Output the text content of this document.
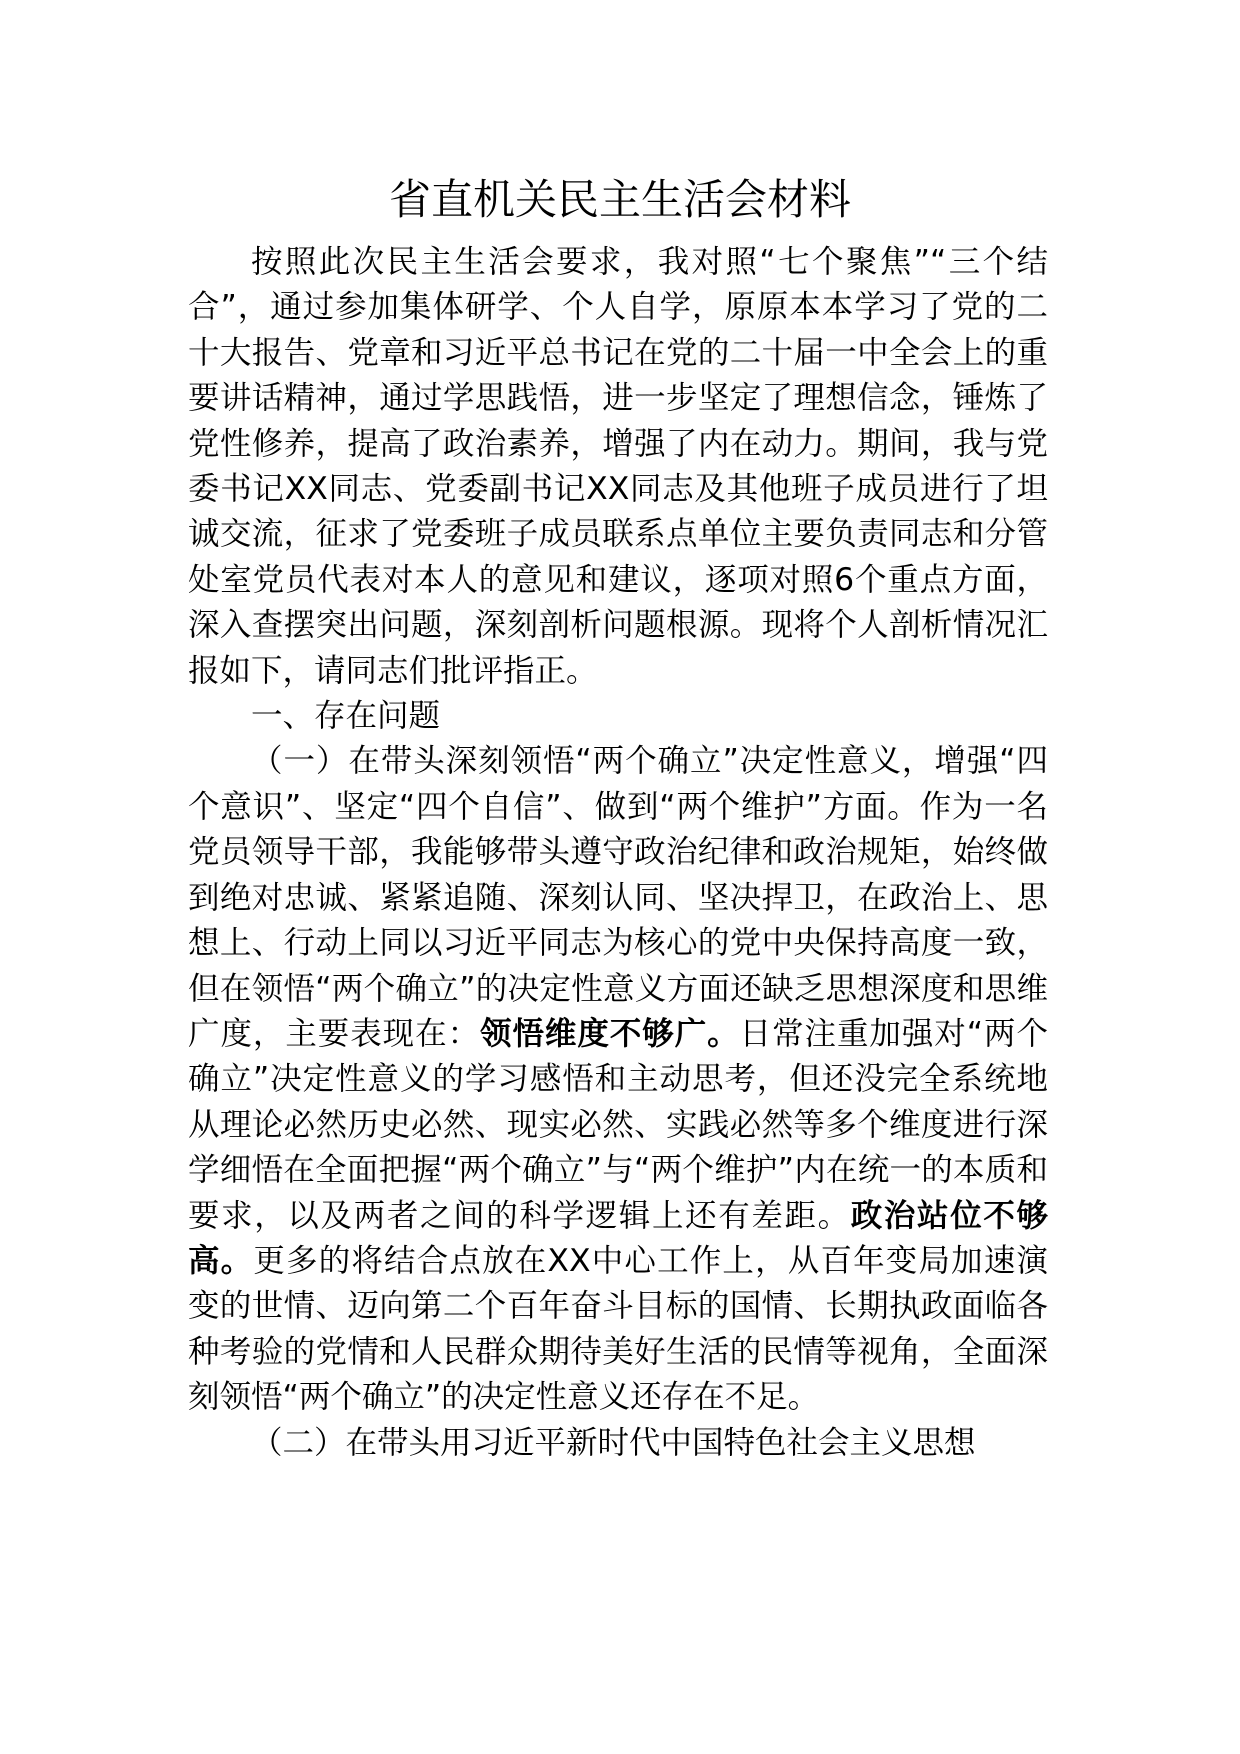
省直机关民主生活会材料

按照此次民主生活会要求，我对照“七个聚焦”“三个结合”，通过参加集体研学、个人自学，原原本本学习了党的二十大报告、党章和习近平总书记在党的二十届一中全会上的重要讲话精神，通过学思践悟，进一步坚定了理想信念，锤炼了党性修养，提高了政治素养，增强了内在动力。期间，我与党委书记XX同志、党委副书记XX同志及其他班子成员进行了坦诚交流，征求了党委班子成员联系点单位主要负责同志和分管处室党员代表对本人的意见和建议，逐项对照6个重点方面，深入查摆突出问题，深刻剖析问题根源。现将个人剖析情况汇报如下，请同志们批评指正。

一、存在问题

（一）在带头深刻领悟“两个确立”决定性意义，增强“四个意识”、坚定“四个自信”、做到“两个维护”方面。作为一名党员领导干部，我能够带头遵守政治纪律和政治规矩，始终做到绝对忠诚、紧紧追随、深刻认同、坚决捍卫，在政治上、思想上、行动上同以习近平同志为核心的党中央保持高度一致，但在领悟“两个确立”的决定性意义方面还缺乏思想深度和思维广度，主要表现在：领悟维度不够广。日常注重加强对“两个确立”决定性意义的学习感悟和主动思考，但还没完全系统地从理论必然历史必然、现实必然、实践必然等多个维度进行深学细悟在全面把握“两个确立”与“两个维护”内在统一的本质和要求，以及两者之间的科学逻辑上还有差距。政治站位不够高。更多的将结合点放在XX中心工作上，从百年变局加速演变的世情、迈向第二个百年奋斗目标的国情、长期执政面临各种考验的党情和人民群众期待美好生活的民情等视角，全面深刻领悟“两个确立”的决定性意义还存在不足。

（二）在带头用习近平新时代中国特色社会主义思想
